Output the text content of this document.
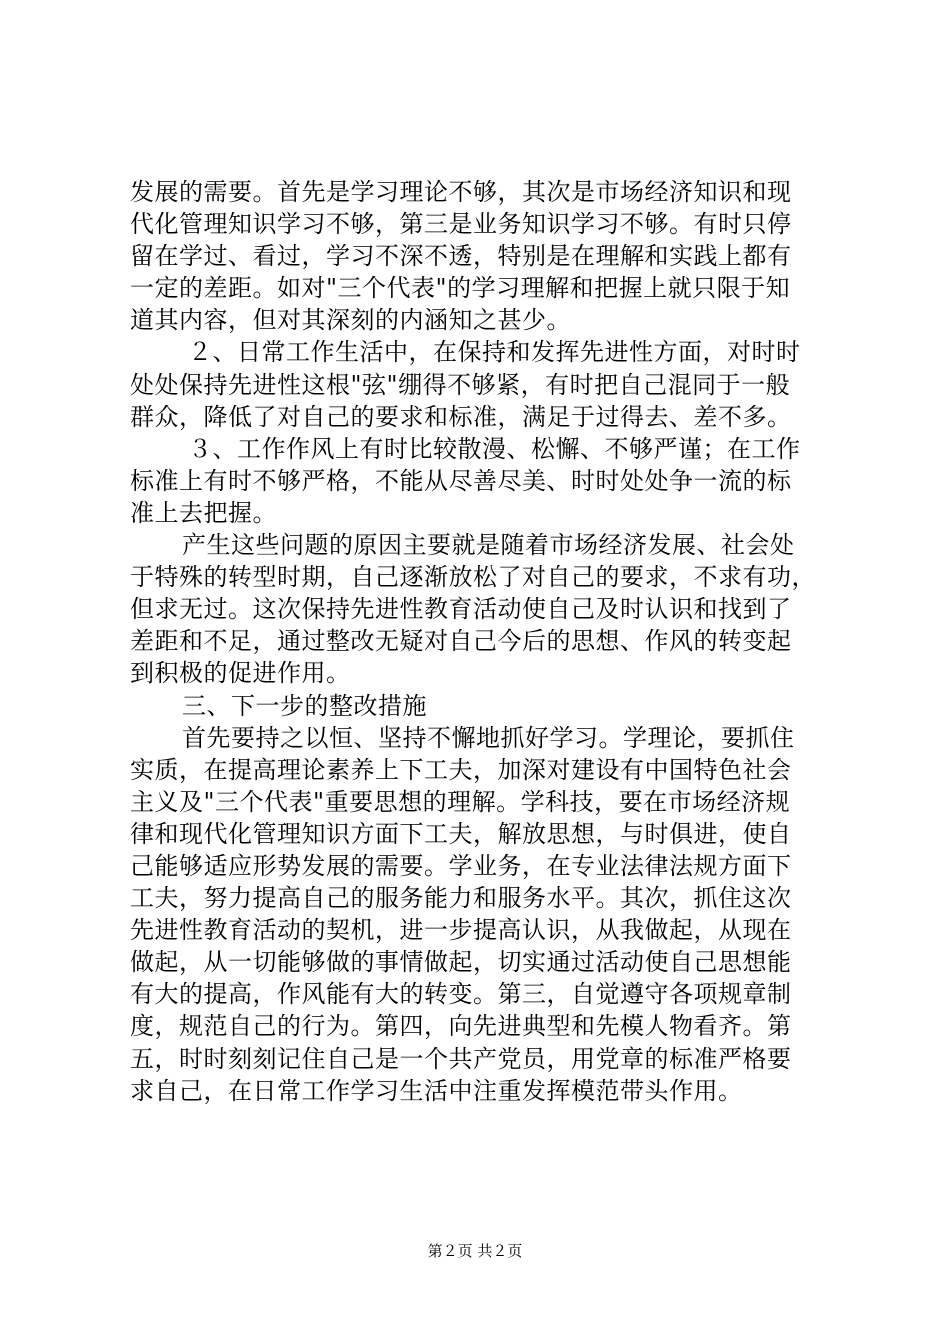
发展的需要。首先是学习理论不够，其次是市场经济知识和现
代化管理知识学习不够，第三是业务知识学习不够。有时只停
留在学过、看过，学习不深不透，特别是在理解和实践上都有
一定的差距。如对"三个代表"的学习理解和把握上就只限于知
道其内容，但对其深刻的内涵知之甚少。
２、日常工作生活中，在保持和发挥先进性方面，对时时
处处保持先进性这根"弦"绷得不够紧，有时把自己混同于一般
群众，降低了对自己的要求和标准，满足于过得去、差不多。
３、工作作风上有时比较散漫、松懈、不够严谨；在工作
标准上有时不够严格，不能从尽善尽美、时时处处争一流的标
准上去把握。
产生这些问题的原因主要就是随着市场经济发展、社会处
于特殊的转型时期，自己逐渐放松了对自己的要求，不求有功，
但求无过。这次保持先进性教育活动使自己及时认识和找到了
差距和不足，通过整改无疑对自己今后的思想、作风的转变起
到积极的促进作用。
三、下一步的整改措施
首先要持之以恒、坚持不懈地抓好学习。学理论，要抓住
实质，在提高理论素养上下工夫，加深对建设有中国特色社会
主义及"三个代表"重要思想的理解。学科技，要在市场经济规
律和现代化管理知识方面下工夫，解放思想，与时俱进，使自
己能够适应形势发展的需要。学业务，在专业法律法规方面下
工夫，努力提高自己的服务能力和服务水平。其次，抓住这次
先进性教育活动的契机，进一步提高认识，从我做起，从现在
做起，从一切能够做的事情做起，切实通过活动使自己思想能
有大的提高，作风能有大的转变。第三，自觉遵守各项规章制
度，规范自己的行为。第四，向先进典型和先模人物看齐。第
五，时时刻刻记住自己是一个共产党员，用党章的标准严格要
求自己，在日常工作学习生活中注重发挥模范带头作用。
第２页 共２页
